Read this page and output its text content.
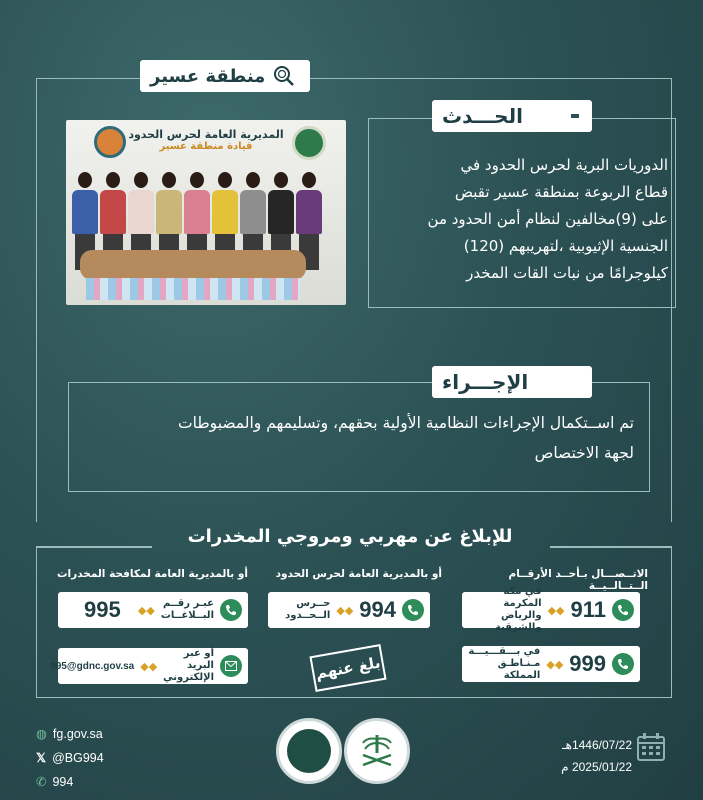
منطقة عسير
المديرية العامة لحرس الحدود
قيادة منطقة عسير
الحـــدث
الدوريات البرية لحرس الحدود في
قطاع الربوعة بمنطقة عسير تقبض
على (9)مخالفين لنظام أمن الحدود من
الجنسية الإثيوبية ،لتهريبهم (120)
كيلوجرامًا من نبات القات المخدر
الإجـــراء
تم اســتكمال الإجراءات النظامية الأولية بحقهم، وتسليمهم والمضبوطات
لجهة الاختصاص
للإبلاغ عن مهربي ومروجي المخدرات
الاتــصـــال بـأحــد الأرقــام الــتــالــيــة
أو بالمديرية العامة لحرس الحدود
أو بالمديرية العامة لمكافحة المخدرات
911
◆◆
في مكة المكرمة
والرياض والشرقية
999
◆◆
في بـــقـــيـــة
مـنـاطـق المملكة
994
◆◆
حــرس الــحــدود
بلغ عنهم
عبـر رقــم
البــلاغــات
◆◆
995
أو عبر البريد
الإلكتروني
◆◆
995@gdnc.gov.sa
◍ fg.gov.sa
𝕏 @BG994
✆ 994
1446/07/22هـ
2025/01/22 م
